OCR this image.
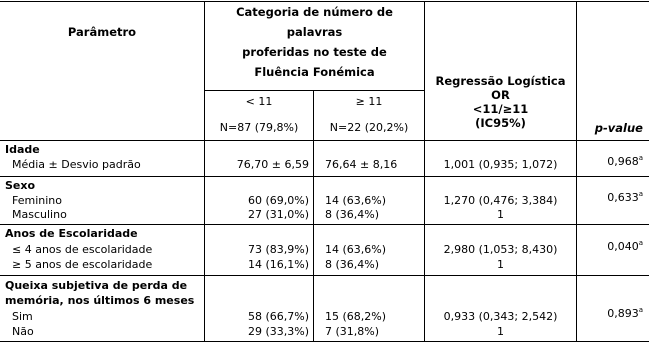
Parâmetro
Categoria de número de
palavras
proferidas no teste de
Fluência Fonémica
< 11	≥ 11
N=87 (79,8%)	N=22 (20,2%)
Regressão Logística
OR
<11/≥11
(IC95%)	p-value
Idade
Média ± Desvio padrão	76,70 ± 6,59	76,64 ± 8,16	1,001 (0,935; 1,072)	0,968$^a$
Sexo
Feminino	60 (69,0%)	14 (63,6%)	1,270 (0,476; 3,384)	0,633$^a$
Masculino	27 (31,0%)	8 (36,4%)	1
Anos de Escolaridade
≤ 4 anos de escolaridade	73 (83,9%)	14 (63,6%)	2,980 (1,053; 8,430)	0,040$^a$
≥ 5 anos de escolaridade	14 (16,1%)	8 (36,4%)	1
Queixa subjetiva de perda de
memória, nos últimos 6 meses
Sim	58 (66,7%)	15 (68,2%)	0,933 (0,343; 2,542)	0,893$^a$
Não	29 (33,3%)	7 (31,8%)	1
